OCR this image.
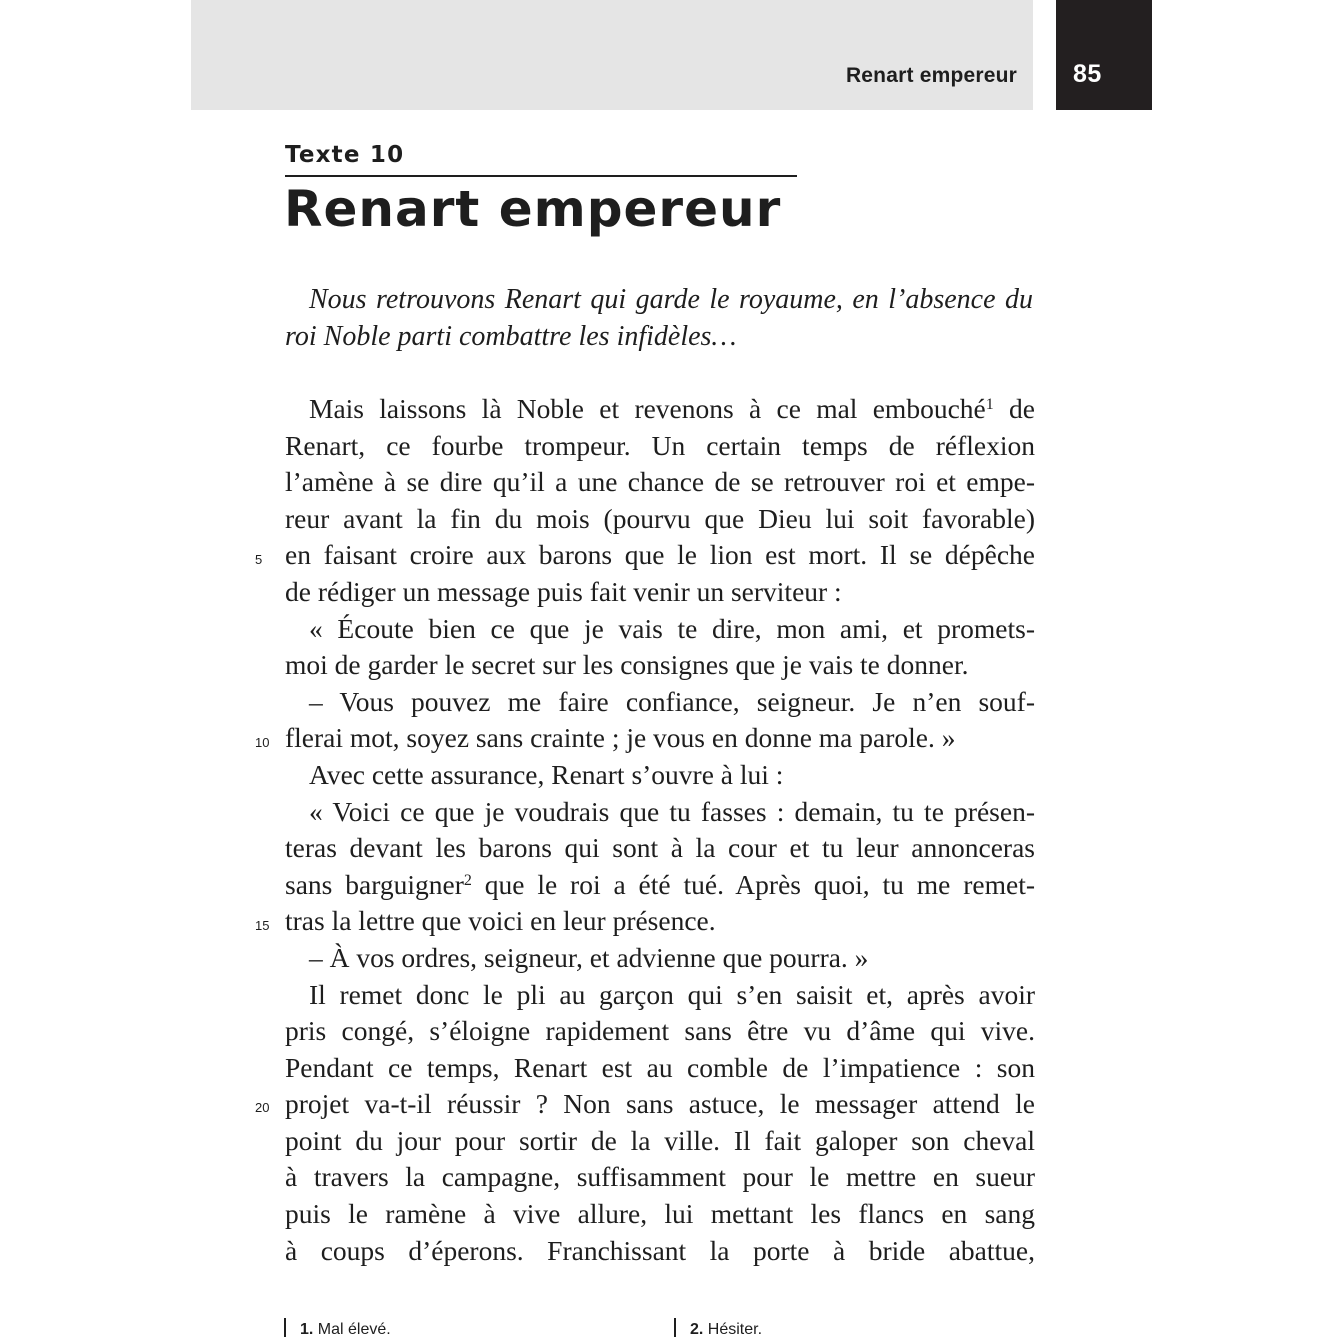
Renart empereur 85
Texte 10
Renart empereur

Nous retrouvons Renart qui garde le royaume, en l’absence du roi Noble parti combattre les infidèles…

Mais laissons là Noble et revenons à ce mal embouché$^1$ de
Renart, ce fourbe trompeur. Un certain temps de réflexion
l’amène à se dire qu’il a une chance de se retrouver roi et empe-
reur avant la fin du mois (pourvu que Dieu lui soit favorable)
en faisant croire aux barons que le lion est mort. Il se dépêche
de rédiger un message puis fait venir un serviteur :
« Écoute bien ce que je vais te dire, mon ami, et promets-
moi de garder le secret sur les consignes que je vais te donner.
– Vous pouvez me faire confiance, seigneur. Je n’en souf-
flerai mot, soyez sans crainte ; je vous en donne ma parole. »
Avec cette assurance, Renart s’ouvre à lui :
« Voici ce que je voudrais que tu fasses : demain, tu te présen-
teras devant les barons qui sont à la cour et tu leur annonceras
sans barguigner$^2$ que le roi a été tué. Après quoi, tu me remet-
tras la lettre que voici en leur présence.
– À vos ordres, seigneur, et advienne que pourra. »
Il remet donc le pli au garçon qui s’en saisit et, après avoir
pris congé, s’éloigne rapidement sans être vu d’âme qui vive.
Pendant ce temps, Renart est au comble de l’impatience : son
projet va-t-il réussir ? Non sans astuce, le messager attend le
point du jour pour sortir de la ville. Il fait galoper son cheval
à travers la campagne, suffisamment pour le mettre en sueur
puis le ramène à vive allure, lui mettant les flancs en sang
à coups d’éperons. Franchissant la porte à bride abattue,
5
10
15
20
1. Mal élevé.	2. Hésiter.
